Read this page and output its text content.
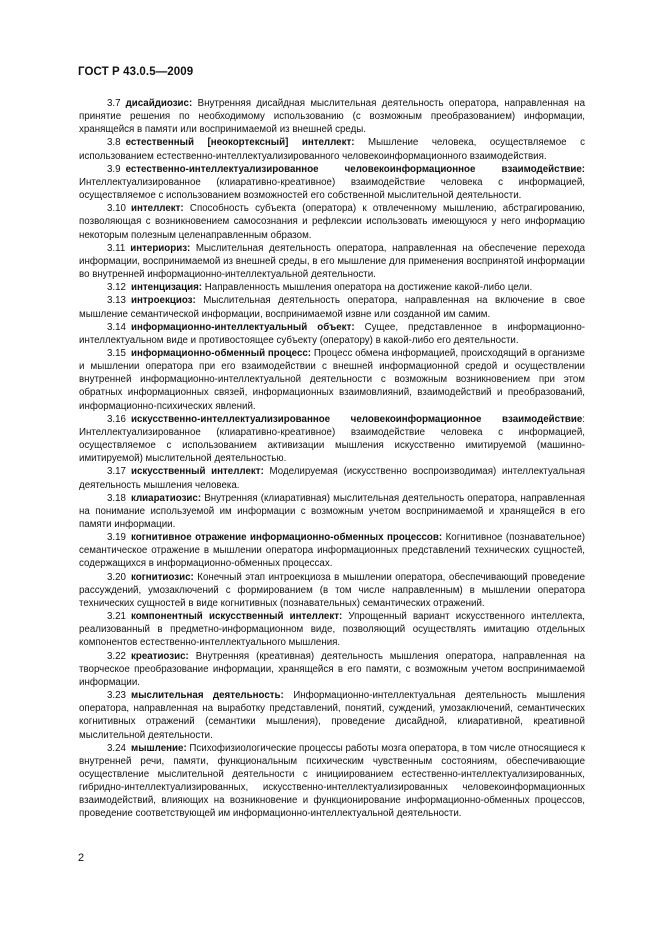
ГОСТ Р 43.0.5—2009

3.7 дисайдиозис: Внутренняя дисайдная мыслительная деятельность оператора, направленная на принятие решения по необходимому использованию (с возможным преобразованием) информации, хранящейся в памяти или воспринимаемой из внешней среды.

3.8 естественный [неокортексный] интеллект: Мышление человека, осуществляемое с использованием естественно-интеллектуализированного человекоинформационного взаимодействия.

3.9 естественно-интеллектуализированное человекоинформационное взаимодействие: Интеллектуализированное (клиаративно-креативное) взаимодействие человека с информацией, осуществляемое с использованием возможностей его собственной мыслительной деятельности.

3.10 интеллект: Способность субъекта (оператора) к отвлеченному мышлению, абстрагированию, позволяющая с возникновением самосознания и рефлексии использовать имеющуюся у него информацию некоторым полезным целенаправленным образом.

3.11 интериориз: Мыслительная деятельность оператора, направленная на обеспечение перехода информации, воспринимаемой из внешней среды, в его мышление для применения воспринятой информации во внутренней информационно-интеллектуальной деятельности.

3.12 интенцизация: Направленность мышления оператора на достижение какой-либо цели.

3.13 интроекциоз: Мыслительная деятельность оператора, направленная на включение в свое мышление семантической информации, воспринимаемой извне или созданной им самим.

3.14 информационно-интеллектуальный объект: Сущее, представленное в информационно-интеллектуальном виде и противостоящее субъекту (оператору) в какой-либо его деятельности.

3.15 информационно-обменный процесс: Процесс обмена информацией, происходящий в организме и мышлении оператора при его взаимодействии с внешней информационной средой и осуществлении внутренней информационно-интеллектуальной деятельности с возможным возникновением при этом обратных информационных связей, информационных взаимовлияний, взаимодействий и преобразований, информационно-психических явлений.

3.16 искусственно-интеллектуализированное человекоинформационное взаимодействие: Интеллектуализированное (клиаративно-креативное) взаимодействие человека с информацией, осуществляемое с использованием активизации мышления искусственно имитируемой (машинно-имитируемой) мыслительной деятельностью.

3.17 искусственный интеллект: Моделируемая (искусственно воспроизводимая) интеллектуальная деятельность мышления человека.

3.18 клиаратиозис: Внутренняя (клиаративная) мыслительная деятельность оператора, направленная на понимание используемой им информации с возможным учетом воспринимаемой и хранящейся в его памяти информации.

3.19 когнитивное отражение информационно-обменных процессов: Когнитивное (познавательное) семантическое отражение в мышлении оператора информационных представлений технических сущностей, содержащихся в информационно-обменных процессах.

3.20 когнитиозис: Конечный этап интроекциоза в мышлении оператора, обеспечивающий проведение рассуждений, умозаключений с формированием (в том числе направленным) в мышлении оператора технических сущностей в виде когнитивных (познавательных) семантических отражений.

3.21 компонентный искусственный интеллект: Упрощенный вариант искусственного интеллекта, реализованный в предметно-информационном виде, позволяющий осуществлять имитацию отдельных компонентов естественно-интеллектуального мышления.

3.22 креатиозис: Внутренняя (креативная) деятельность мышления оператора, направленная на творческое преобразование информации, хранящейся в его памяти, с возможным учетом воспринимаемой информации.

3.23 мыслительная деятельность: Информационно-интеллектуальная деятельность мышления оператора, направленная на выработку представлений, понятий, суждений, умозаключений, семантических когнитивных отражений (семантики мышления), проведение дисайдной, клиаративной, креативной мыслительной деятельности.

3.24 мышление: Психофизиологические процессы работы мозга оператора, в том числе относящиеся к внутренней речи, памяти, функциональным психическим чувственным состояниям, обеспечивающие осуществление мыслительной деятельности с инициированием естественно-интеллектуализированных, гибридно-интеллектуализированных, искусственно-интеллектуализированных человекоинформационных взаимодействий, влияющих на возникновение и функционирование информационно-обменных процессов, проведение соответствующей им информационно-интеллектуальной деятельности.

2
